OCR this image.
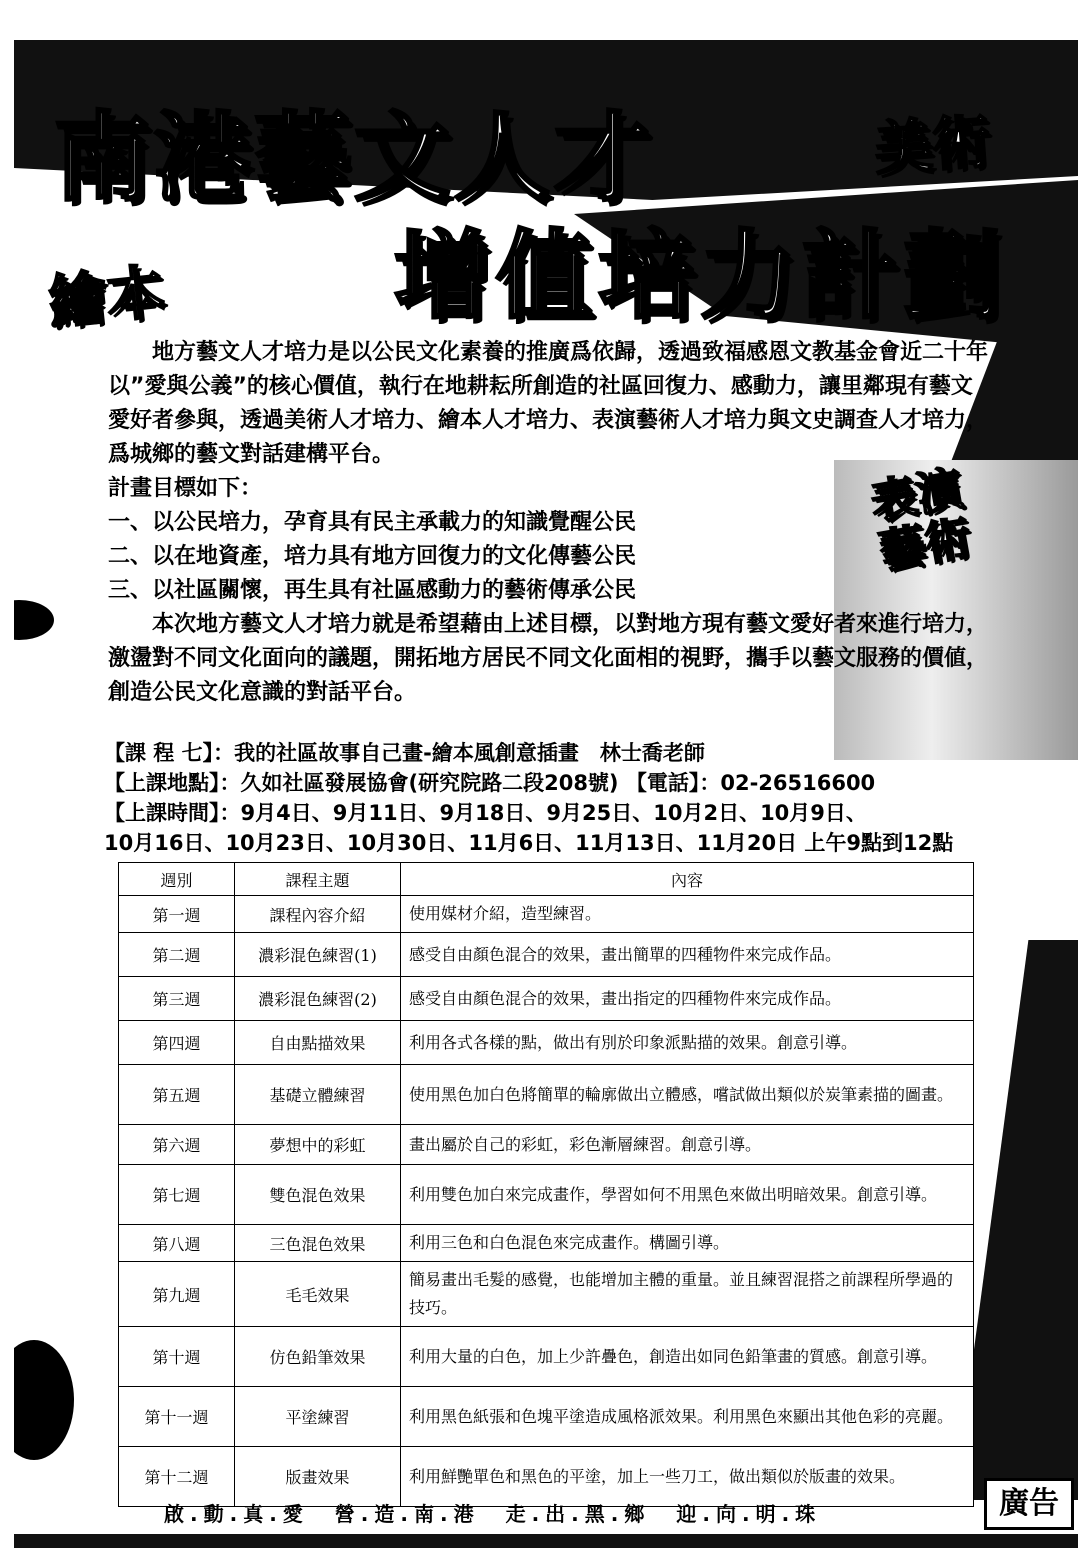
南港藝文人才
增值培力計劃
美術
繪本
表演藝術

地方藝文人才培力是以公民文化素養的推廣爲依歸，透過致福感恩文教基金會近二十年以”愛與公義”的核心價值，執行在地耕耘所創造的社區回復力、感動力，讓里鄰現有藝文愛好者參與，透過美術人才培力、繪本人才培力、表演藝術人才培力與文史調查人才培力，爲城鄉的藝文對話建構平台。

計畫目標如下：

一、以公民培力，孕育具有民主承載力的知識覺醒公民

二、以在地資產，培力具有地方回復力的文化傳藝公民

三、以社區關懷，再生具有社區感動力的藝術傳承公民

本次地方藝文人才培力就是希望藉由上述目標，以對地方現有藝文愛好者來進行培力，激盪對不同文化面向的議題，開拓地方居民不同文化面相的視野，攜手以藝文服務的價値，創造公民文化意識的對話平台。

【課 程 七】：我的社區故事自己畫-繪本風創意插畫　林士喬老師

【上課地點】：久如社區發展協會(研究院路二段208號) 【電話】：02-26516600

【上課時間】：9月4日、9月11日、9月18日、9月25日、10月2日、10月9日、

10月16日、10月23日、10月30日、11月6日、11月13日、11月20日 上午9點到12點

週別	課程主題	內容
第一週	課程內容介紹	使用媒材介紹，造型練習。
第二週	濃彩混色練習(1)	感受自由顏色混合的效果，畫出簡單的四種物件來完成作品。
第三週	濃彩混色練習(2)	感受自由顏色混合的效果，畫出指定的四種物件來完成作品。
第四週	自由點描效果	利用各式各樣的點，做出有別於印象派點描的效果。創意引導。
第五週	基礎立體練習	使用黑色加白色將簡單的輪廓做出立體感，嚐試做出類似於炭筆素描的圖畫。
第六週	夢想中的彩虹	畫出屬於自己的彩虹，彩色漸層練習。創意引導。
第七週	雙色混色效果	利用雙色加白來完成畫作，學習如何不用黑色來做出明暗效果。創意引導。
第八週	三色混色效果	利用三色和白色混色來完成畫作。構圖引導。
第九週	毛毛效果	簡易畫出毛髮的感覺，也能增加主體的重量。並且練習混搭之前課程所學過的技巧。
第十週	仿色鉛筆效果	利用大量的白色，加上少許疊色，創造出如同色鉛筆畫的質感。創意引導。
第十一週	平塗練習	利用黑色紙張和色塊平塗造成風格派效果。利用黑色來顯出其他色彩的亮麗。
第十二週	版畫效果	利用鮮艷單色和黑色的平塗，加上一些刀工，做出類似於版畫的效果。
啟.動.真.愛　營.造.南.港　走.出.黑.鄉　迎.向.明.珠	廣告
